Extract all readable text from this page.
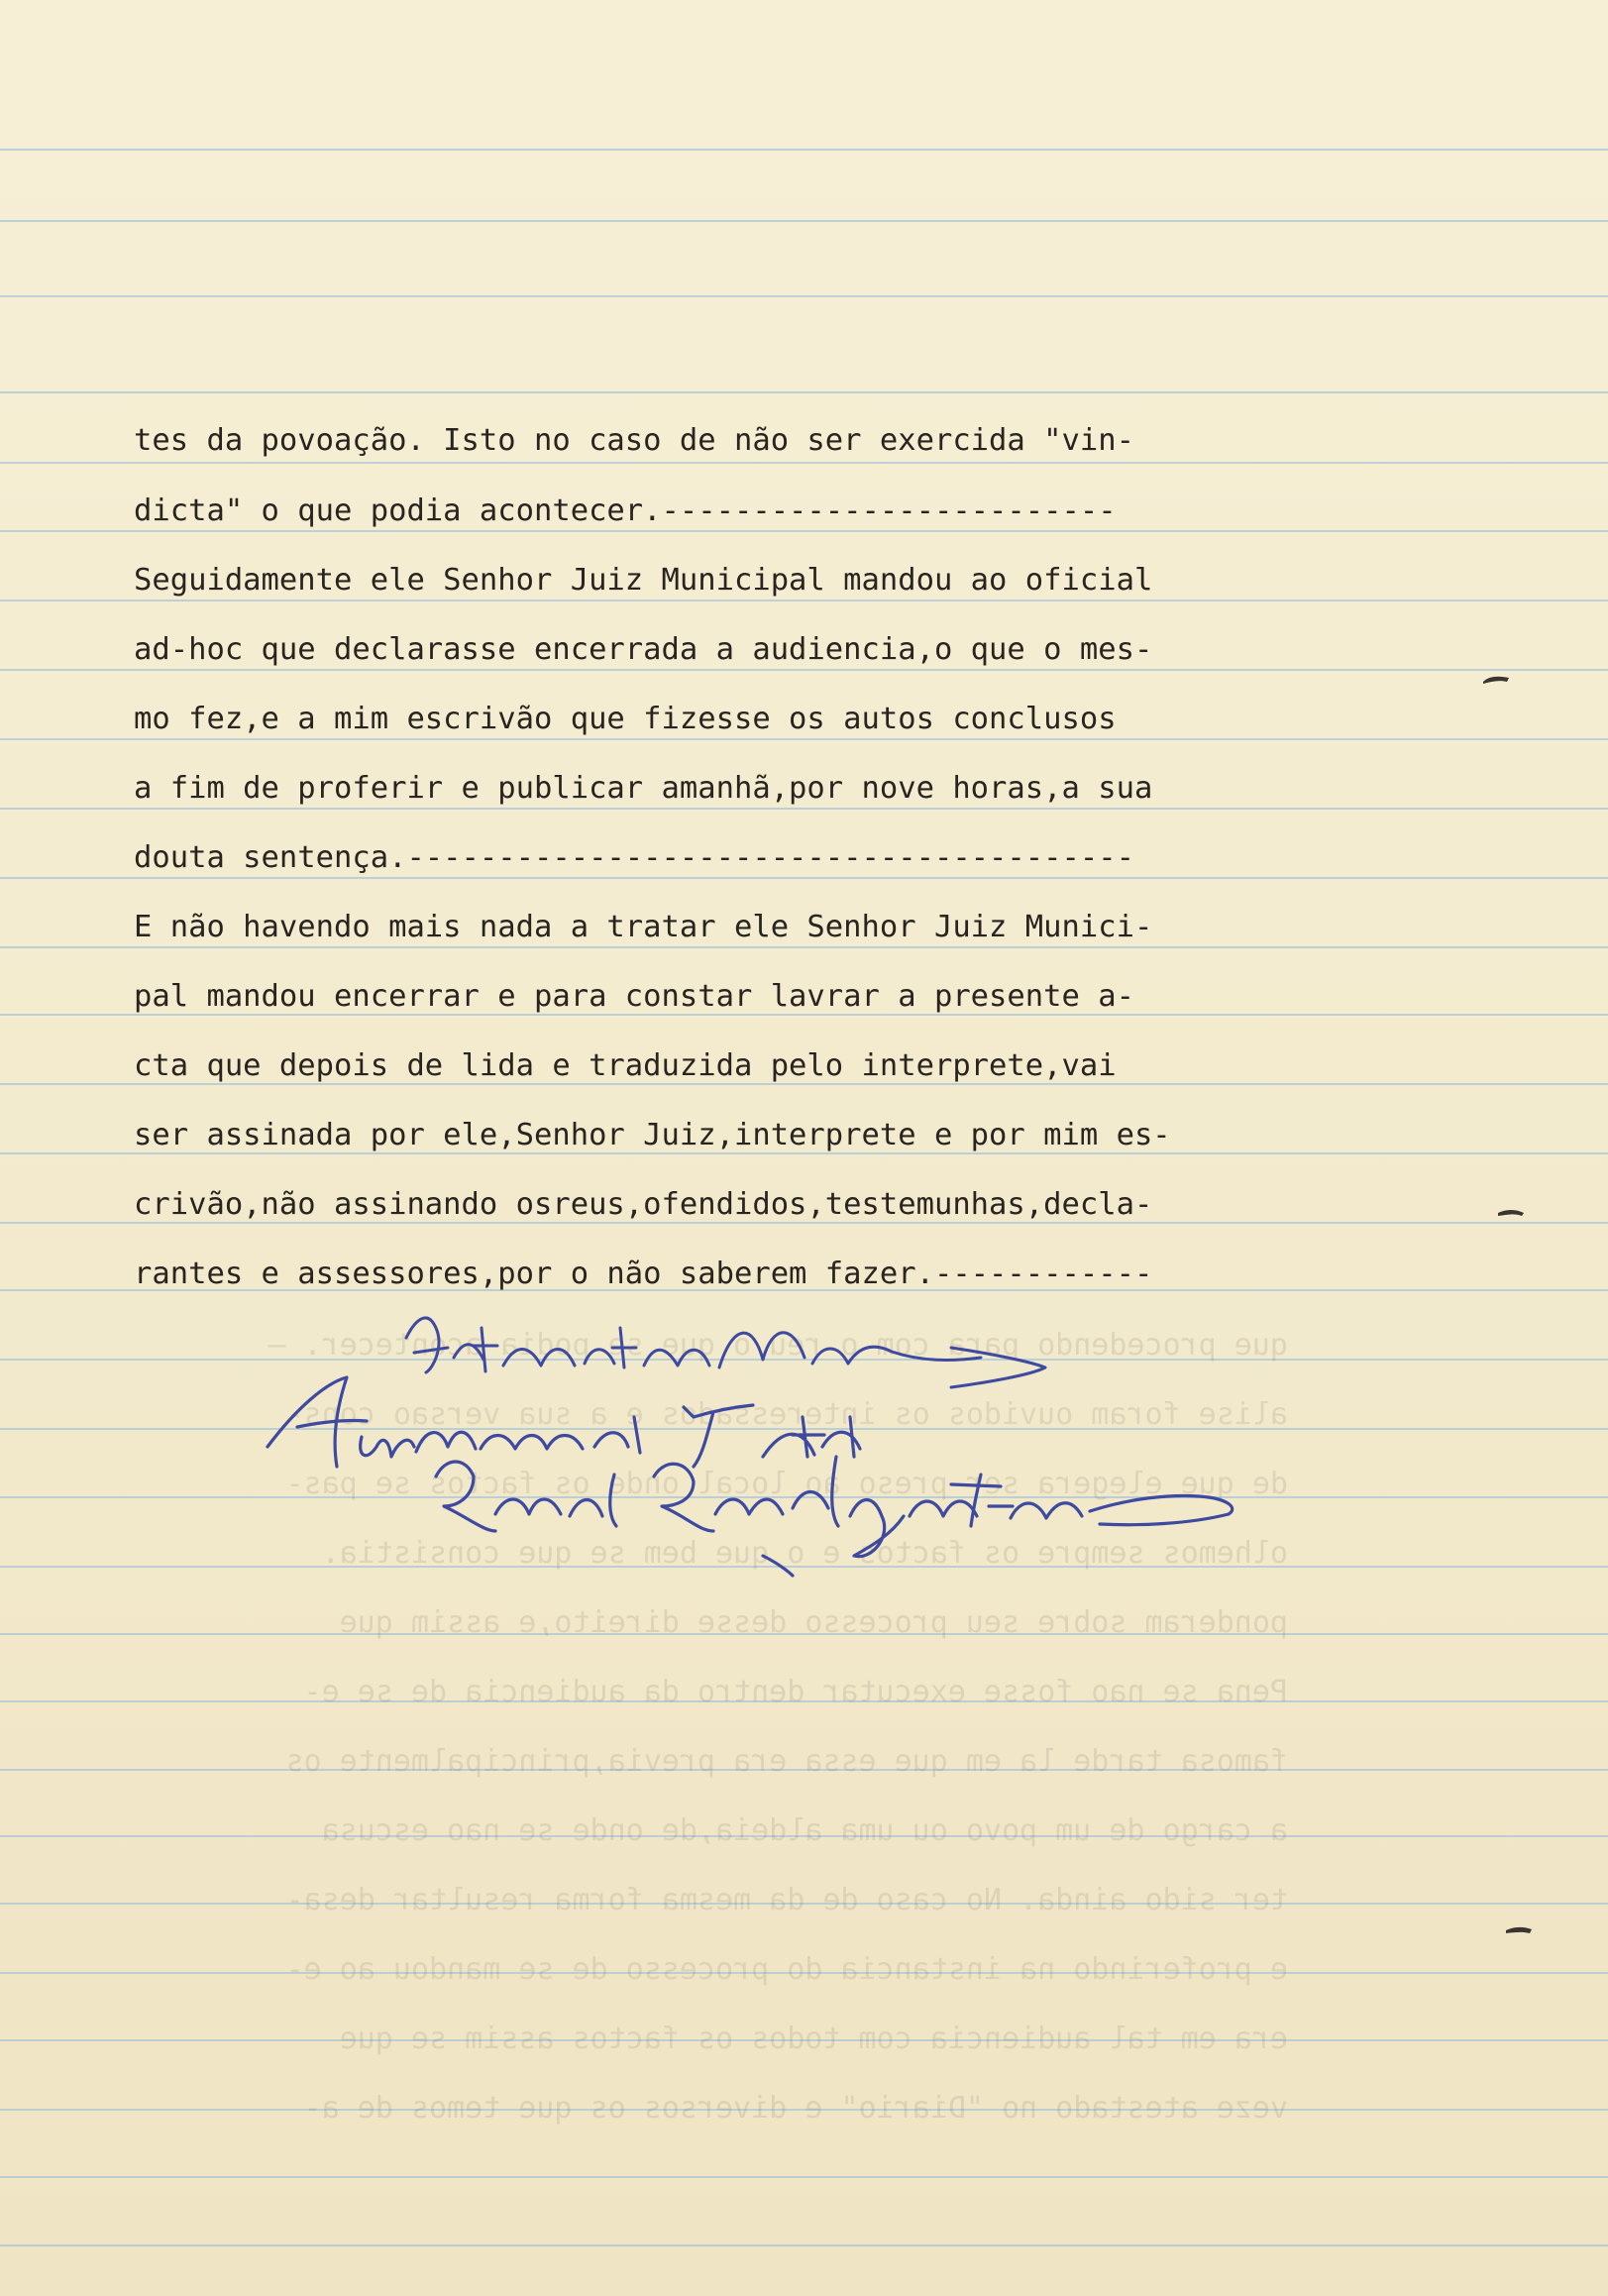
que procedendo para com o reu o que se podia acontecer. —
alise foram ouvidos os interessados e a sua versao cons-
de que elegera ser preso ao local onde os factos se pas-
olhemos sempre os factos e o que bem se que consistia.
ponderam sobre seu processo desse direito,e assim que
Pena se nao fosse executar dentro da audiencia de se e-
famosa tarde la em que essa era previa,principalmente os
a cargo de um povo ou uma aldeia,de onde se nao escusa
ter sido ainda. No caso de da mesma forma resultar desa-
e proferindo na instancia do processo de se mandou ao e-
era em tal audiencia com todos os factos assim se que
veze atestado no "Diario" e diversos os que temos de a-
tes da povoação. Isto no caso de não ser exercida "vin-
dicta" o que podia acontecer.-------------------------
Seguidamente ele Senhor Juiz Municipal mandou ao oficial
ad-hoc que declarasse encerrada a audiencia,o que o mes-
mo fez,e a mim escrivão que fizesse os autos conclusos
a fim de proferir e publicar amanhã,por nove horas,a sua
douta sentença.----------------------------------------
E não havendo mais nada a tratar ele Senhor Juiz Munici-
pal mandou encerrar e para constar lavrar a presente a-
cta que depois de lida e traduzida pelo interprete,vai
ser assinada por ele,Senhor Juiz,interprete e por mim es-
crivão,não assinando osreus,ofendidos,testemunhas,decla-
rantes e assessores,por o não saberem fazer.------------
